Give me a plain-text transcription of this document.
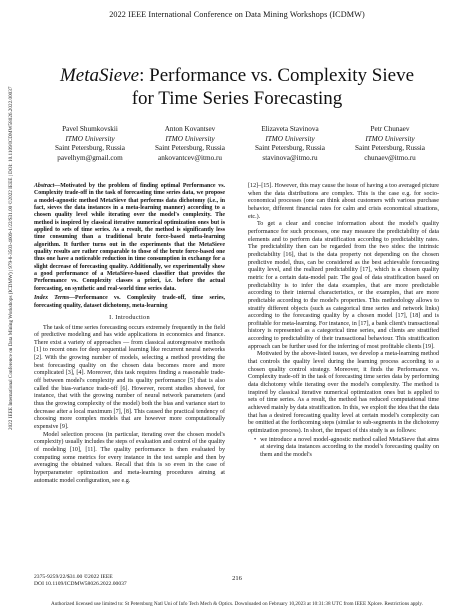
2022 IEEE International Conference on Data Mining Workshops (ICDMW)
MetaSieve: Performance vs. Complexity Sieve
for Time Series Forecasting
Pavel Shumkovskii
ITMO University
Saint Petersburg, Russia
pavelhym@gmail.com
Anton Kovantsev
ITMO University
Saint Petersburg, Russia
ankovantcev@itmo.ru
Elizaveta Stavinova
ITMO University
Saint Petersburg, Russia
stavinova@itmo.ru
Petr Chunaev
ITMO University
Saint Petersburg, Russia
chunaev@itmo.ru
2022 IEEE International Conference on Data Mining Workshops (ICDMW) | 979-8-3503-4609-1/22/$31.00 ©2022 IEEE | DOI: 10.1109/ICDMW58026.2022.00037	Abstract—Motivated by the problem of finding optimal Performance vs. Complexity trade-off in the task of forecasting time series data, we propose a model-agnostic method MetaSieve that performs data dichotomy (i.e., in fact, sieves the data instances in a meta-learning manner) according to a chosen quality level while iterating over the model's complexity. The method is inspired by classical iterative numerical optimization ones but is applied to sets of time series. As a result, the method is significantly less time consuming than a traditional brute force-based meta-learning algorithm. It further turns out in the experiments that the MetaSieve quality results are rather comparable to those of the brute force-based one thus one have a noticeable reduction in time consumption in exchange for a slight decrease of forecasting quality. Additionally, we experimentally show a good performance of a MetaSieve-based classifier that provides the Performance vs. Complexity classes a priori, i.e. before the actual forecasting, on synthetic and real-world time series data.
Index Terms—Performance vs. Complexity trade-off, time series, forecasting quality, dataset dichotomy, meta-learning
I. Introduction

The task of time series forecasting occurs extremely frequently in the field of predictive modeling and has wide applications in economics and finance. There exist a variety of approaches — from classical autoregressive methods [1] to recent ones for deep sequential learning like recurrent neural networks [2]. With the growing number of models, selecting a method providing the best forecasting quality on the chosen data becomes more and more complicated [3], [4]. Moreover, this task requires finding a reasonable trade-off between model's complexity and its quality performance [5] that is also called the bias-variance trade-off [6]. However, recent studies showed, for instance, that with the growing number of neural network parameters (and thus the growing complexity of the model) both the bias and variance start to decrease after a local maximum [7], [8]. This caused the practical tendency of choosing more complex models that are however more computationally expensive [9].

Model selection process (in particular, iterating over the chosen model's complexity) usually includes the steps of evaluation and control of the quality of modeling [10], [11]. The quality performance is then evaluated by computing some metrics for every instance in the test sample and then by averaging the obtained values. Recall that this is so even in the case of hyperparameter optimization and meta-learning procedures aiming at automatic model configuration, see e.g.

[12]–[15]. However, this may cause the issue of having a too averaged picture when the data distributions are complex. This is the case e.g. for socio-economical processes (one can think about customers with various purchase behavior, different financial rates for calm and crisis economical situations, etc.).

To get a clear and concise information about the model's quality performance for such processes, one may measure the predictability of data elements and to perform data stratification according to predictability rates. The predictability then can be regarded from the two sides: the intrinsic predictability [16], that is the data property not depending on the chosen predictive model, thus, can be considered as the best achievable forecasting quality level, and the realized predictability [17], which is a chosen quality metric for a certain data-model pair. The goal of data stratification based on predictability is to infer the data examples, that are more predictable according to their internal characteristics, or the examples, that are more predictable according to the model's properties. This methodology allows to stratify different objects (such as categorical time series and network links) according to the forecasting quality by a chosen model [17], [18] and is profitable for meta-learning. For instance, in [17], a bank client's transactional history is represented as a categorical time series, and clients are stratified according to predictability of their transactional behaviour. This stratification approach can be further used for the inferring of most profitable clients [19].

Motivated by the above-listed issues, we develop a meta-learning method that controls the quality level during the learning process according to a chosen quality control strategy. Moreover, it finds the Performance vs. Complexity trade-off in the task of forecasting time series data by performing data dichotomy while iterating over the model's complexity. The method is inspired by classical iterative numerical optimization ones but is applied to sets of time series. As a result, the method has reduced computational time achieved mainly by data stratification. In this, we exploit the idea that the data that has a desired forecasting quality level at certain model's complexity can be omitted at the forthcoming steps (similar to sub-segments in the dichotomy optimization process). In short, the impact of this study is as follows:

• we introduce a novel model-agnostic method called MetaSieve that aims at sieving data instances according to the model's forecasting quality on them and the model's
2375-9259/22/$31.00 ©2022 IEEE
DOI 10.1109/ICDMW58026.2022.00037
216
Authorized licensed use limited to: St Petersburg Natl Uni of Info Tech Mech & Optics. Downloaded on February 10,2023 at 10:31:38 UTC from IEEE Xplore. Restrictions apply.
